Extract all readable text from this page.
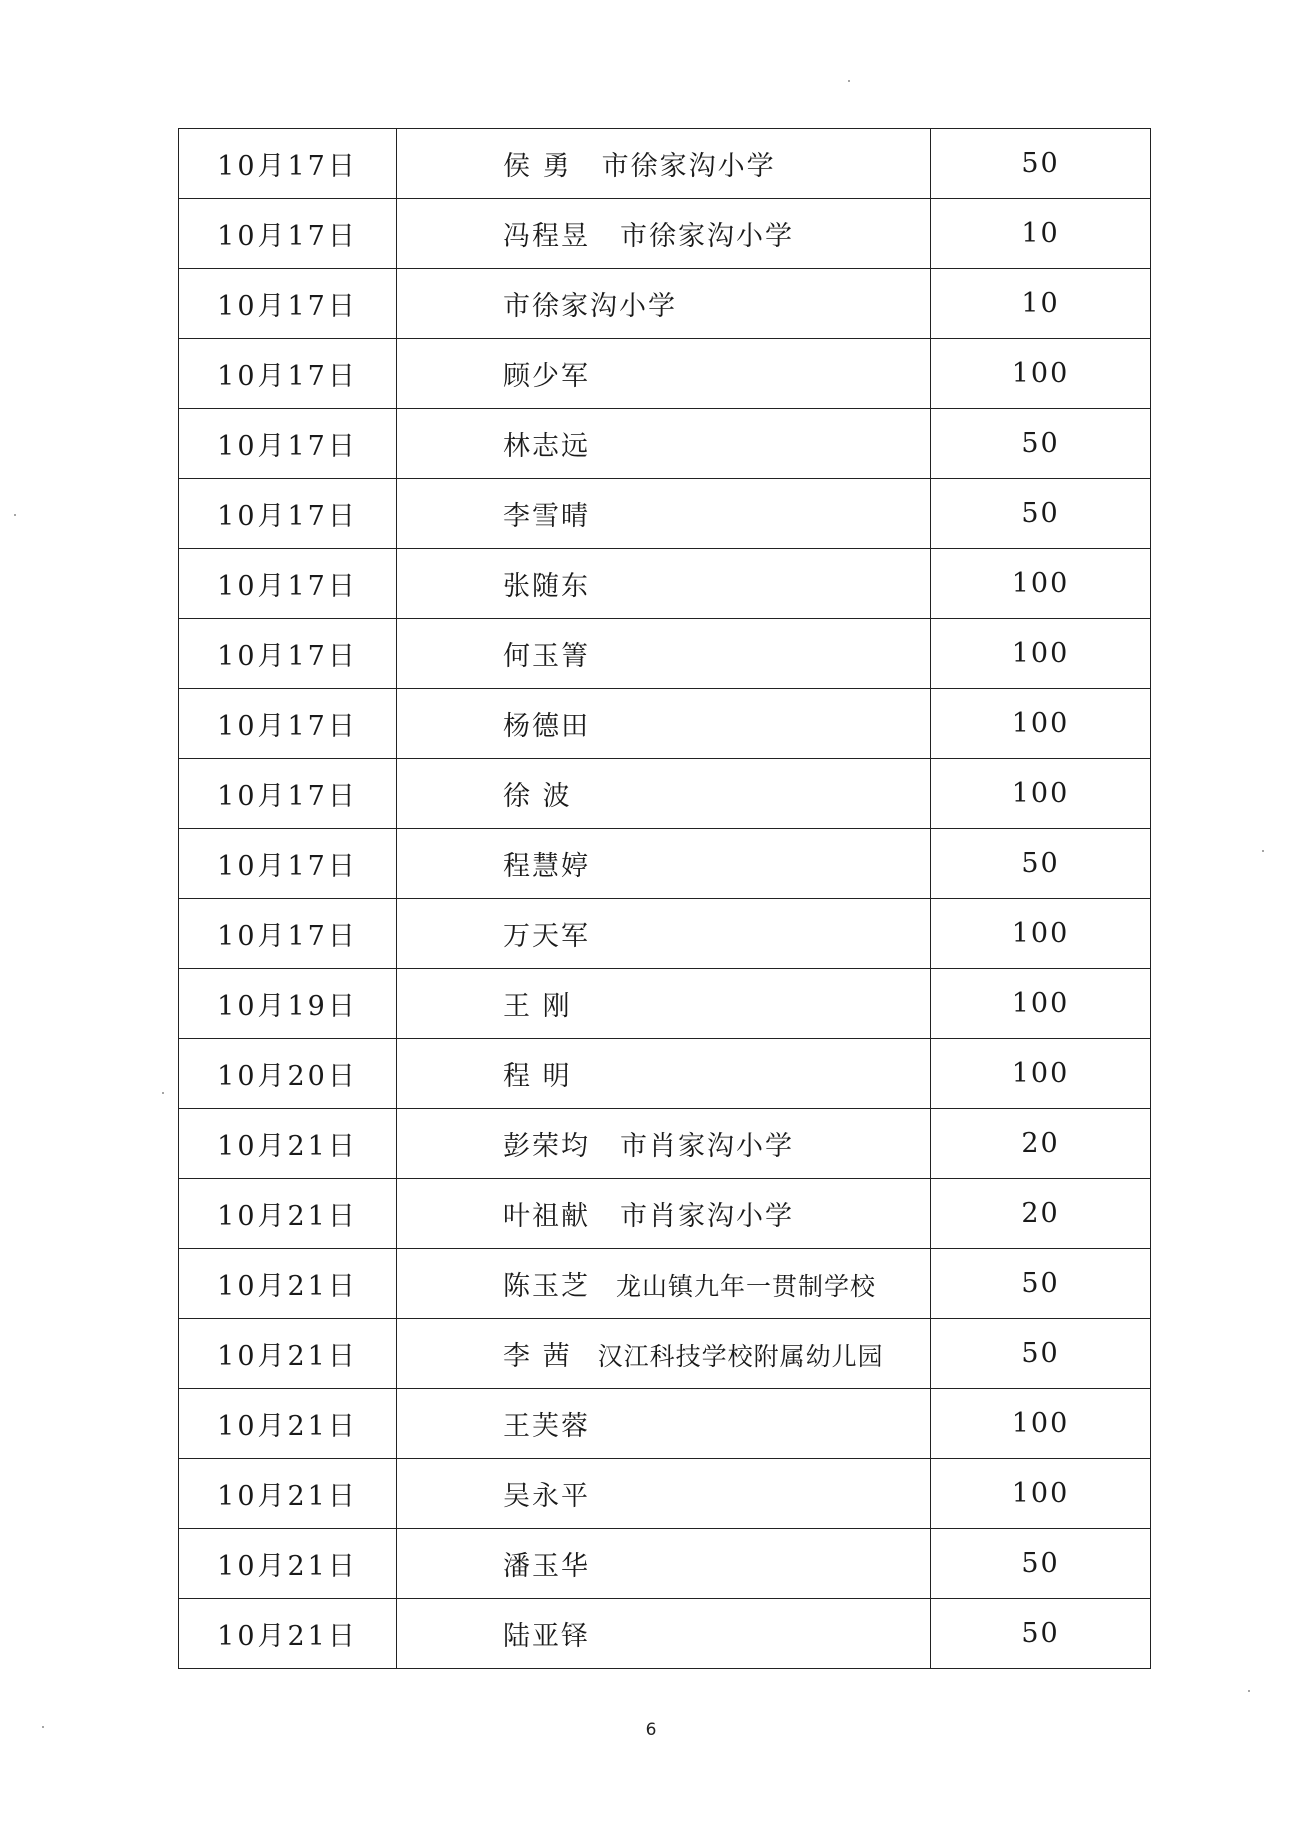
10月17日	侯 勇 市徐家沟小学	50
10月17日	冯程昱 市徐家沟小学	10
10月17日	市徐家沟小学	10
10月17日	顾少军	100
10月17日	林志远	50
10月17日	李雪晴	50
10月17日	张随东	100
10月17日	何玉箐	100
10月17日	杨德田	100
10月17日	徐 波	100
10月17日	程慧婷	50
10月17日	万天军	100
10月19日	王 刚	100
10月20日	程 明	100
10月21日	彭荣均 市肖家沟小学	20
10月21日	叶祖献 市肖家沟小学	20
10月21日	陈玉芝 龙山镇九年一贯制学校	50
10月21日	李 茜 汉江科技学校附属幼儿园	50
10月21日	王芙蓉	100
10月21日	吴永平	100
10月21日	潘玉华	50
10月21日	陆亚铎	50
6
